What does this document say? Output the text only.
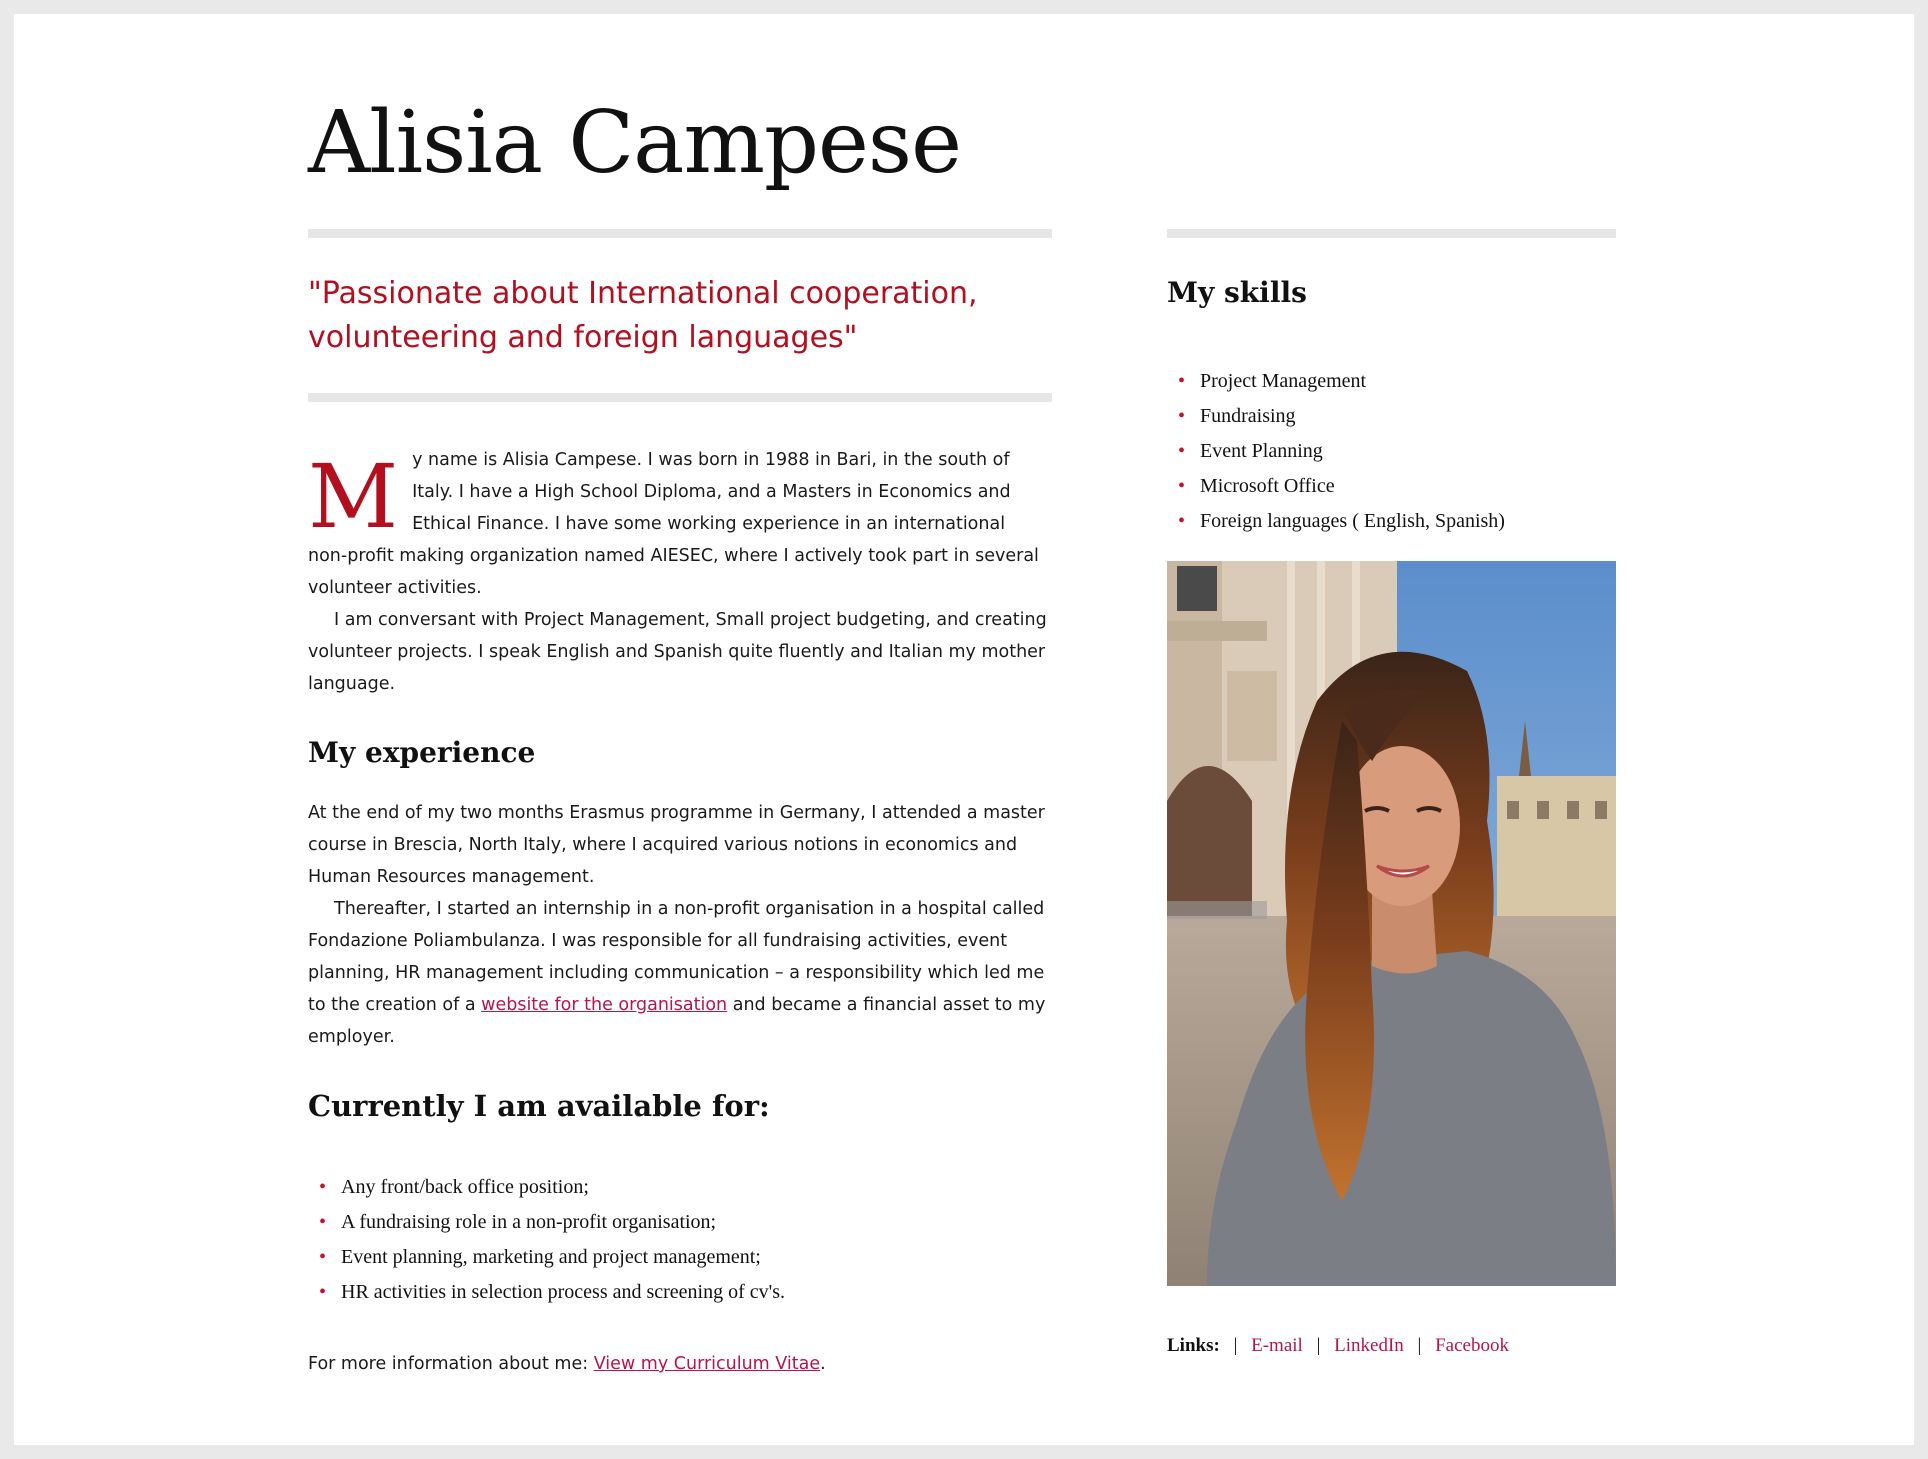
Alisia Campese

"Passionate about International cooperation, volunteering and foreign languages"

My name is Alisia Campese. I was born in 1988 in Bari, in the south of Italy. I have a High School Diploma, and a Masters in Economics and Ethical Finance. I have some working experience in an international non-profit making organization named AIESEC, where I actively took part in several volunteer activities.

I am conversant with Project Management, Small project budgeting, and creating volunteer projects. I speak English and Spanish quite fluently and Italian my mother language.

My experience

At the end of my two months Erasmus programme in Germany, I attended a master course in Brescia, North Italy, where I acquired various notions in economics and Human Resources management.

Thereafter, I started an internship in a non-profit organisation in a hospital called Fondazione Poliambulanza. I was responsible for all fundraising activities, event planning, HR management including communication – a responsibility which led me to the creation of a website for the organisation and became a financial asset to my employer.

Currently I am available for:
• Any front/back office position;
• A fundraising role in a non-profit organisation;
• Event planning, marketing and project management;
• HR activities in selection process and screening of cv's.

For more information about me: View my Curriculum Vitae.

My skills
• Project Management
• Fundraising
• Event Planning
• Microsoft Office
• Foreign languages ( English, Spanish)
Links: | E-mail | LinkedIn | Facebook
